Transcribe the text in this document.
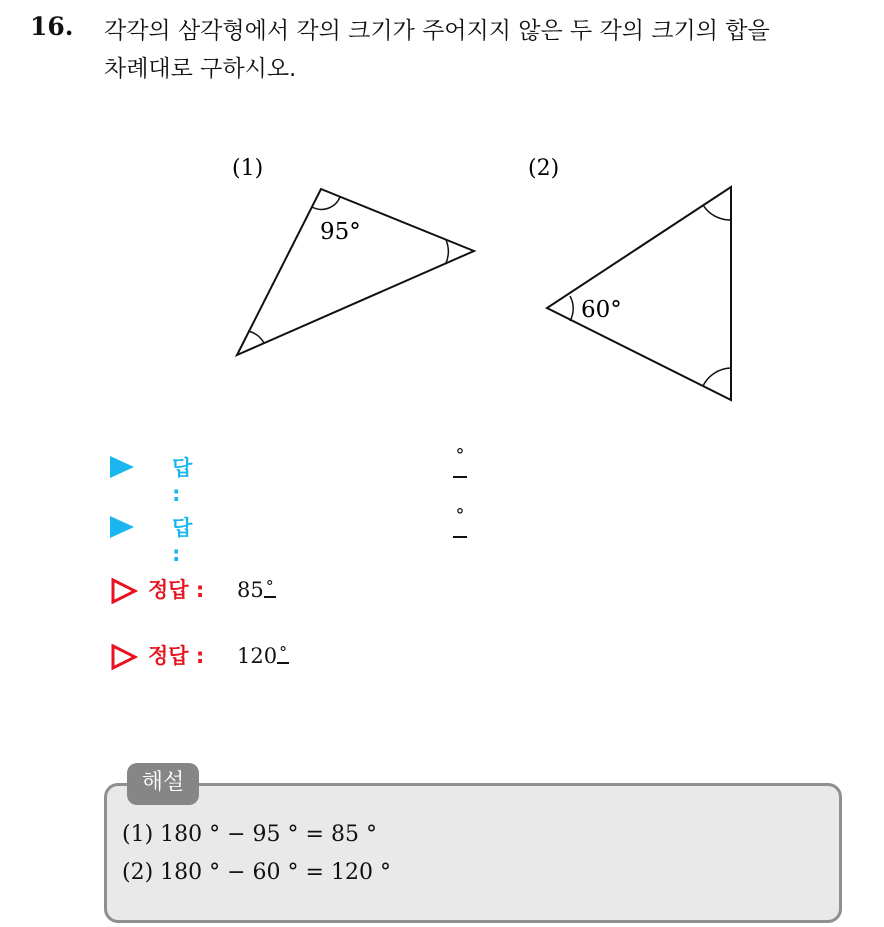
16. 각각의 삼각형에서 각의 크기가 주어지지 않은 두 각의 크기의 합을
차례대로 구하시오.
(1)
95°
(2)
60°
답 :
°
답 :
°
정답 : 85 °
정답 : 120 °
해설
(1) 180 ° − 95 ° = 85 °
(2) 180 ° − 60 ° = 120 °
